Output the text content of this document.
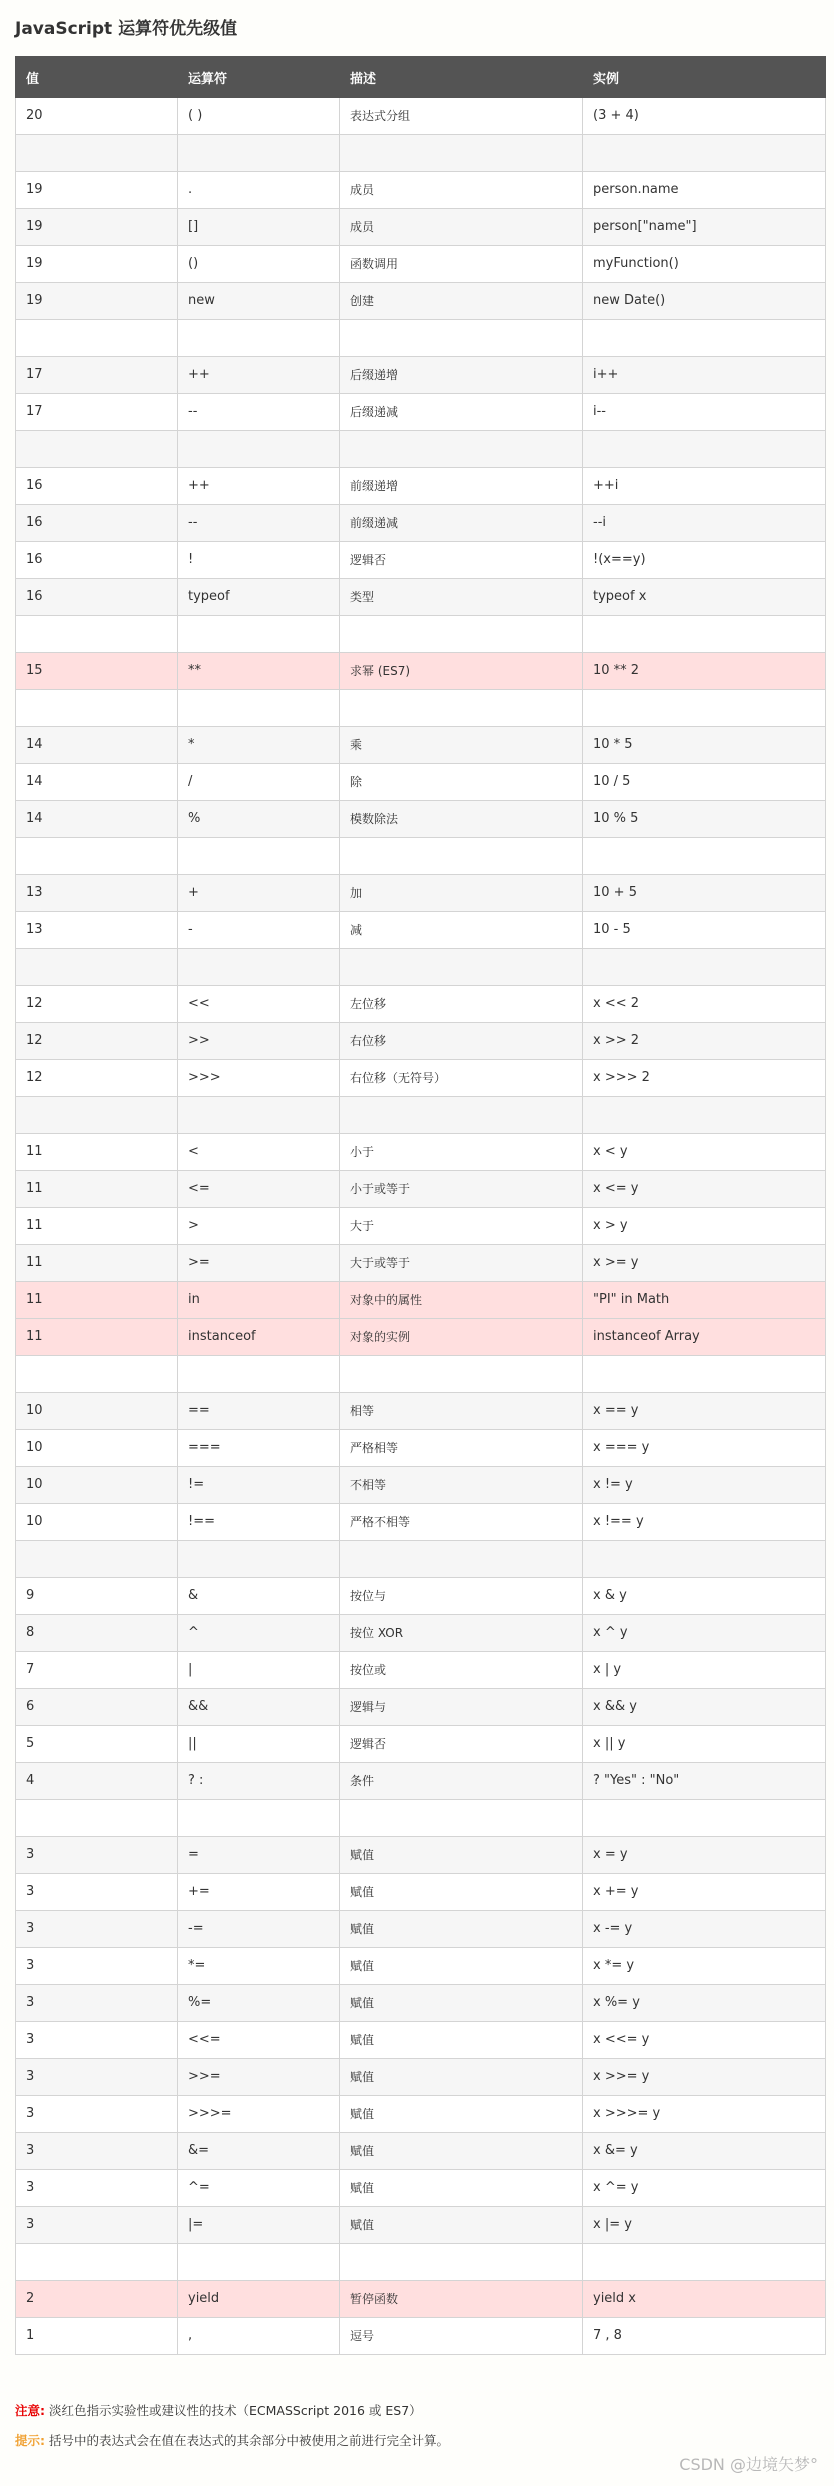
JavaScript 运算符优先级值
值	运算符	描述	实例
20	( )	表达式分组	(3 + 4)

19	.	成员	person.name
19	[]	成员	person["name"]
19	()	函数调用	myFunction()
19	new	创建	new Date()

17	++	后缀递增	i++
17	--	后缀递减	i--

16	++	前缀递增	++i
16	--	前缀递减	--i
16	!	逻辑否	!(x==y)
16	typeof	类型	typeof x

15	**	求幂 (ES7)	10 ** 2

14	*	乘	10 * 5
14	/	除	10 / 5
14	%	模数除法	10 % 5

13	+	加	10 + 5
13	-	减	10 - 5

12	<<	左位移	x << 2
12	>>	右位移	x >> 2
12	>>>	右位移（无符号）	x >>> 2

11	<	小于	x < y
11	<=	小于或等于	x <= y
11	>	大于	x > y
11	>=	大于或等于	x >= y
11	in	对象中的属性	"PI" in Math
11	instanceof	对象的实例	instanceof Array

10	==	相等	x == y
10	===	严格相等	x === y
10	!=	不相等	x != y
10	!==	严格不相等	x !== y

9	&	按位与	x & y
8	^	按位 XOR	x ^ y
7	|	按位或	x | y
6	&&	逻辑与	x && y
5	||	逻辑否	x || y
4	? :	条件	? "Yes" : "No"

3	=	赋值	x = y
3	+=	赋值	x += y
3	-=	赋值	x -= y
3	*=	赋值	x *= y
3	%=	赋值	x %= y
3	<<=	赋值	x <<= y
3	>>=	赋值	x >>= y
3	>>>=	赋值	x >>>= y
3	&=	赋值	x &= y
3	^=	赋值	x ^= y
3	|=	赋值	x |= y

2	yield	暂停函数	yield x
1	,	逗号	7 , 8
注意: 淡红色指示实验性或建议性的技术（ECMASScript 2016 或 ES7）
提示: 括号中的表达式会在值在表达式的其余部分中被使用之前进行完全计算。
CSDN @边境矢梦°
